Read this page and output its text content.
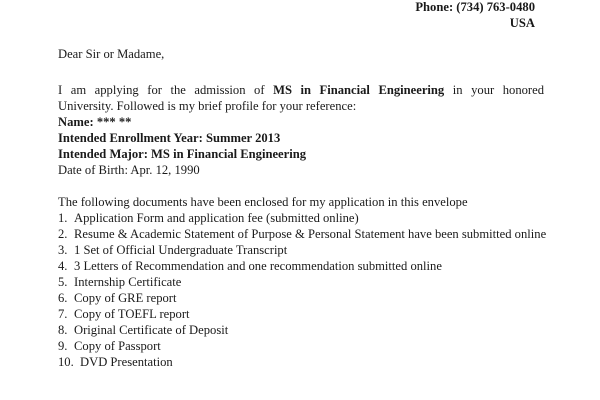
Phone: (734) 763-0480
USA
Dear Sir or Madame,
I am applying for the admission of MS in Financial Engineering in your honored
University. Followed is my brief profile for your reference:
Name: *** **
Intended Enrollment Year: Summer 2013
Intended Major: MS in Financial Engineering
Date of Birth: Apr. 12, 1990
The following documents have been enclosed for my application in this envelope
1. Application Form and application fee (submitted online)
2. Resume & Academic Statement of Purpose & Personal Statement have been submitted online
3. 1 Set of Official Undergraduate Transcript
4. 3 Letters of Recommendation and one recommendation submitted online
5. Internship Certificate
6. Copy of GRE report
7. Copy of TOEFL report
8. Original Certificate of Deposit
9. Copy of Passport
10. DVD Presentation
